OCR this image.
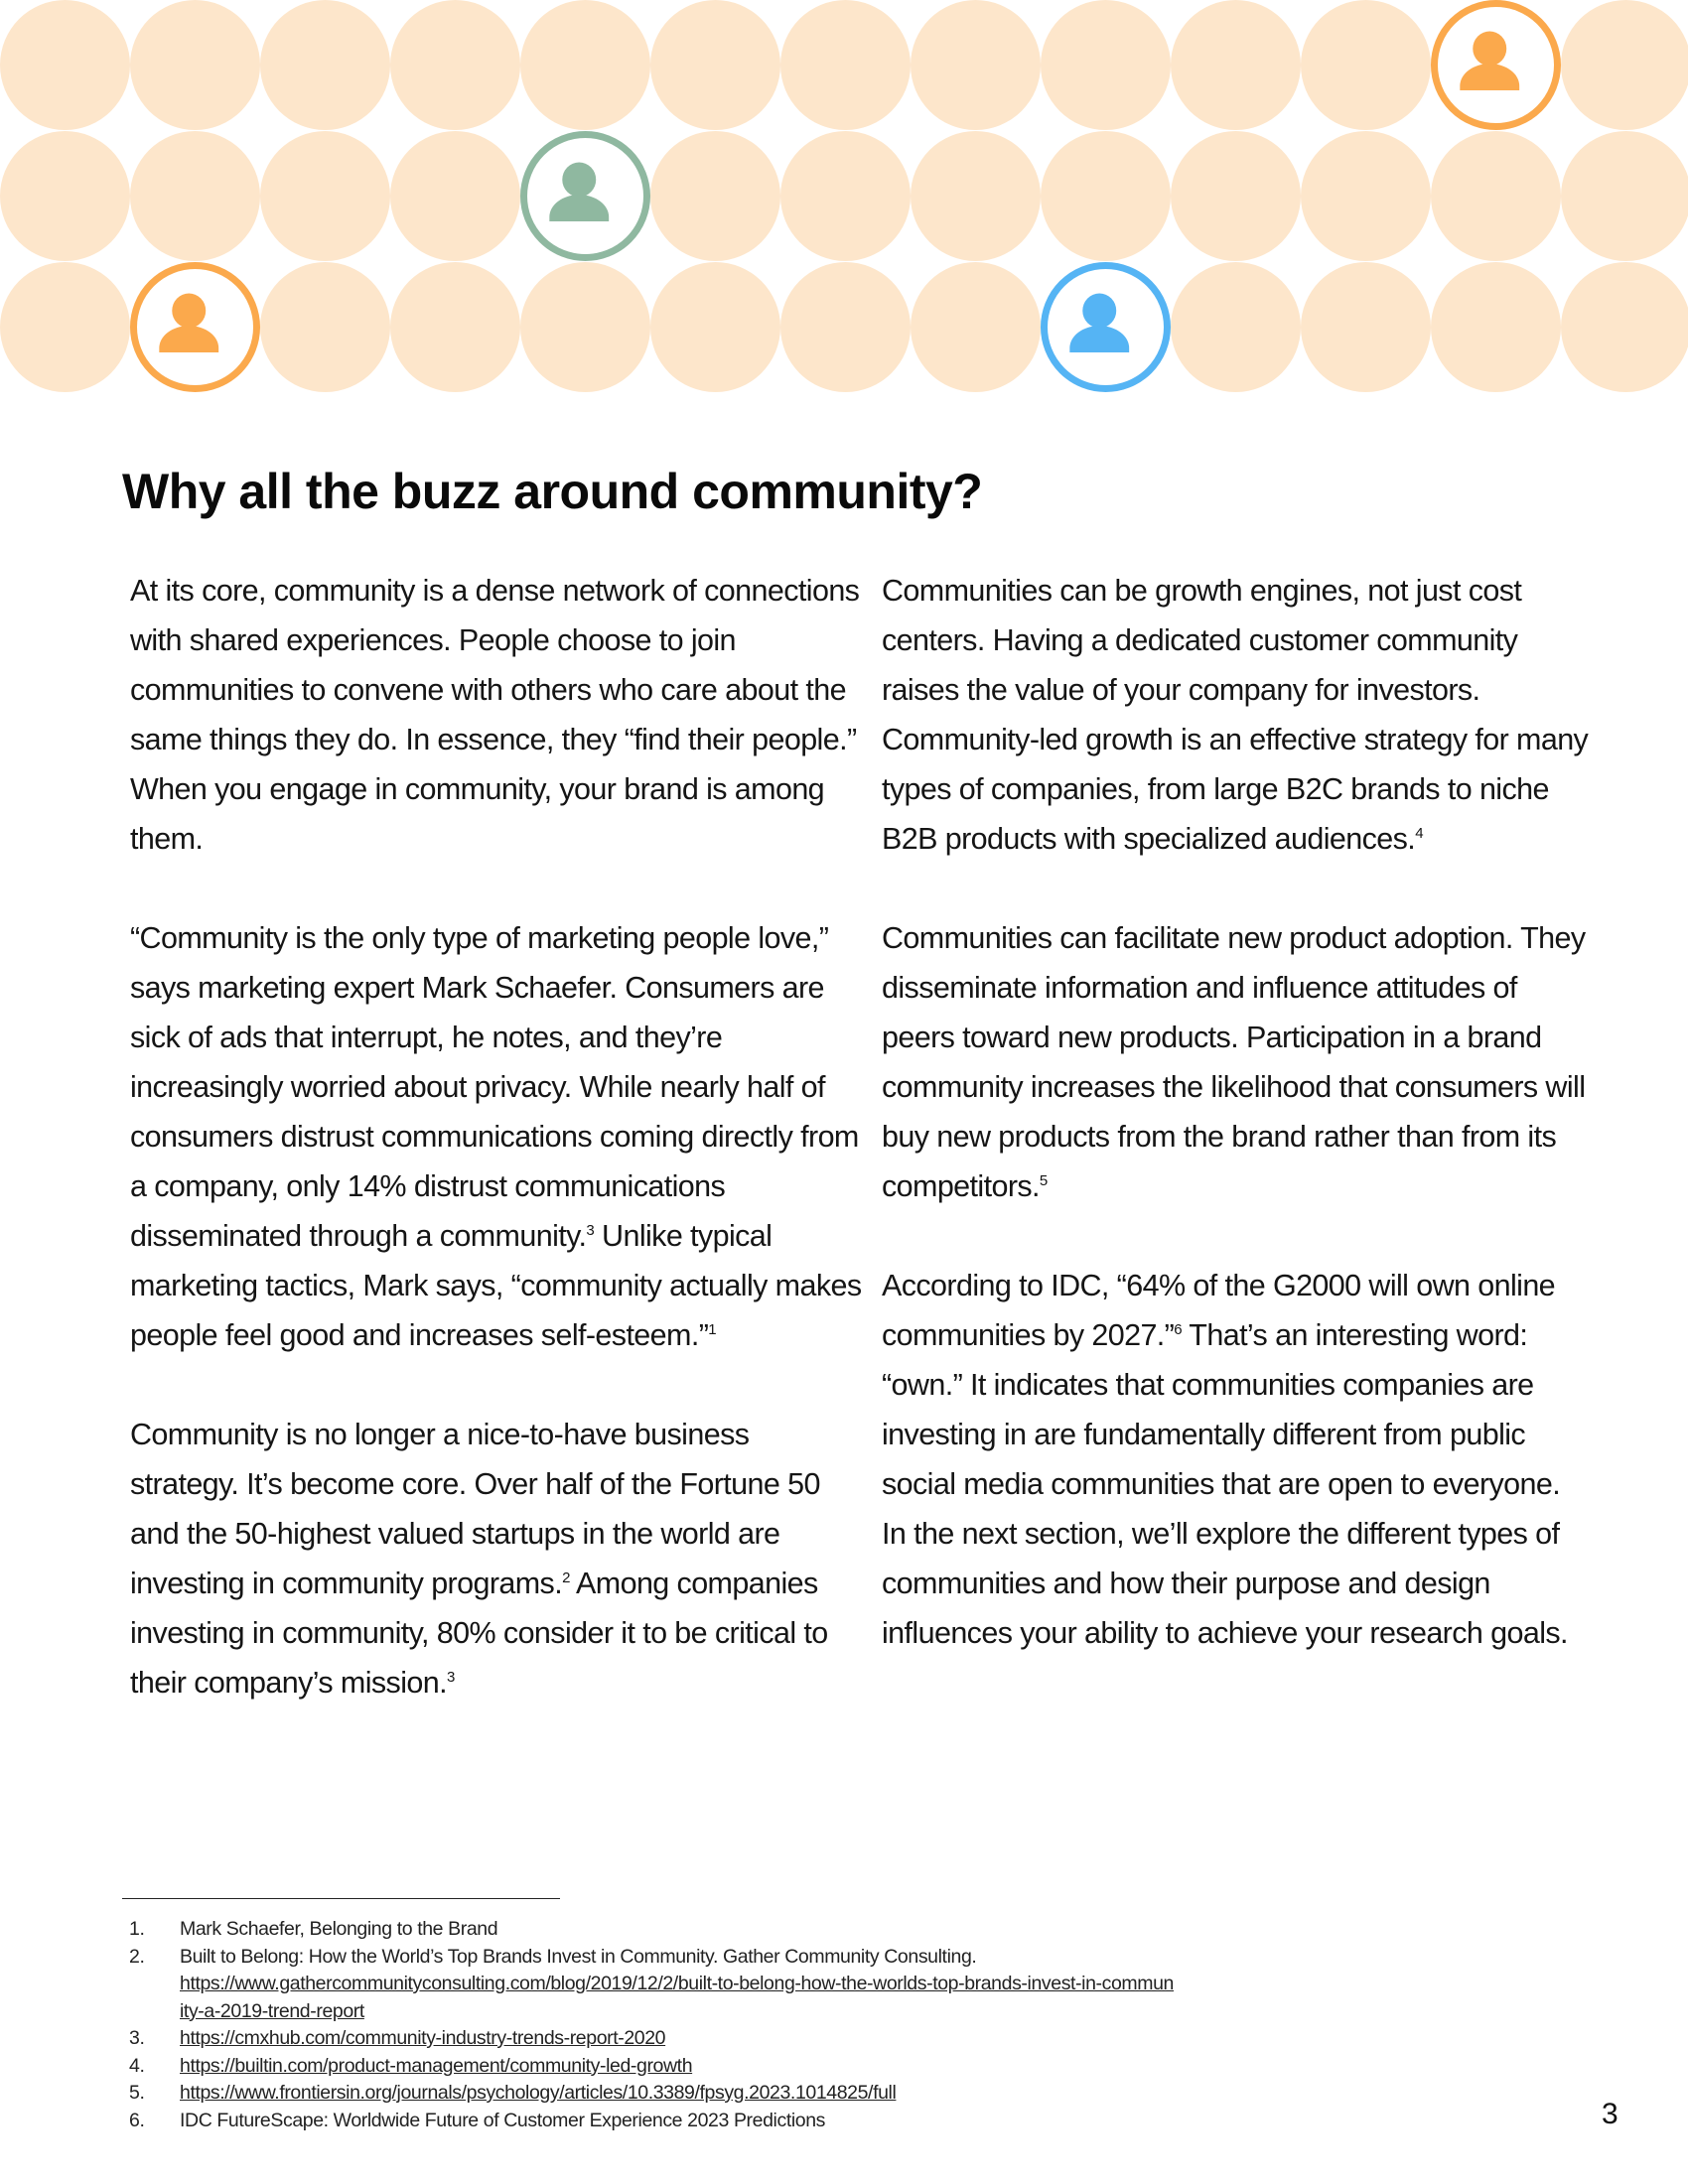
Why all the buzz around community?

At its core, community is a dense network of connections with shared experiences. People choose to join communities to convene with others who care about the same things they do. In essence, they “find their people.” When you engage in community, your brand is among them.

“Community is the only type of marketing people love,” says marketing expert Mark Schaefer. Consumers are sick of ads that interrupt, he notes, and they’re increasingly worried about privacy. While nearly half of consumers distrust communications coming directly from a company, only 14% distrust communications disseminated through a community.$^3$ Unlike typical marketing tactics, Mark says, “community actually makes people feel good and increases self-esteem.”$^1$

Community is no longer a nice-to-have business strategy. It’s become core. Over half of the Fortune 50 and the 50-highest valued startups in the world are investing in community programs.$^2$ Among companies investing in community, 80% consider it to be critical to their company’s mission.$^3$

Communities can be growth engines, not just cost centers. Having a dedicated customer community raises the value of your company for investors. Community-led growth is an effective strategy for many types of companies, from large B2C brands to niche B2B products with specialized audiences.$^4$

Communities can facilitate new product adoption. They disseminate information and influence attitudes of peers toward new products. Participation in a brand community increases the likelihood that consumers will buy new products from the brand rather than from its competitors.$^5$

According to IDC, “64% of the G2000 will own online communities by 2027.”$^6$ That’s an interesting word: “own.” It indicates that communities companies are investing in are fundamentally different from public social media communities that are open to everyone.

In the next section, we’ll explore the different types of communities and how their purpose and design influences your ability to achieve your research goals.

1.	Mark Schaefer, Belonging to the Brand
2.	Built to Belong: How the World’s Top Brands Invest in Community. Gather Community Consulting.
https://www.gathercommunityconsulting.com/blog/2019/12/2/built-to-belong-how-the-worlds-top-brands-invest-in-commun
ity-a-2019-trend-report
3.	https://cmxhub.com/community-industry-trends-report-2020
4.	https://builtin.com/product-management/community-led-growth
5.	https://www.frontiersin.org/journals/psychology/articles/10.3389/fpsyg.2023.1014825/full
6.	IDC FutureScape: Worldwide Future of Customer Experience 2023 Predictions	3
